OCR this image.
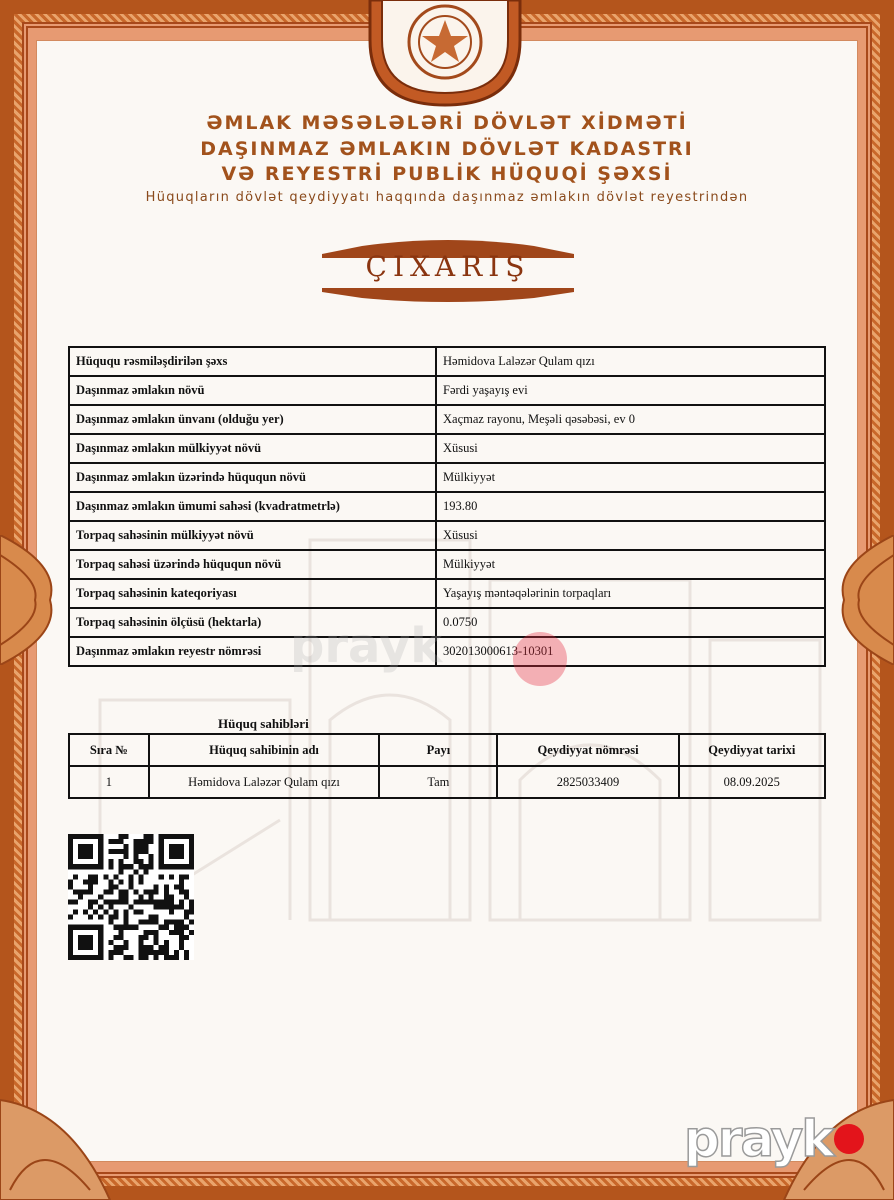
ƏMLAK MƏSƏLƏLƏRİ DÖVLƏT XİDMƏTİ
DAŞINMAZ ƏMLAKIN DÖVLƏT KADASTRI
VƏ REYESTRİ PUBLİK HÜQUQİ ŞƏXSİ
Hüquqların dövlət qeydiyyatı haqqında daşınmaz əmlakın dövlət reyestrindən
ÇIXARIŞ
Hüququ rəsmiləşdirilən şəxs	Həmidova Laləzər Qulam qızı
Daşınmaz əmlakın növü	Fərdi yaşayış evi
Daşınmaz əmlakın ünvanı (olduğu yer)	Xaçmaz rayonu, Meşəli qəsəbəsi, ev 0
Daşınmaz əmlakın mülkiyyət növü	Xüsusi
Daşınmaz əmlakın üzərində hüququn növü	Mülkiyyət
Daşınmaz əmlakın ümumi sahəsi (kvadratmetrlə)	193.80
Torpaq sahəsinin mülkiyyət növü	Xüsusi
Torpaq sahəsi üzərində hüququn növü	Mülkiyyət
Torpaq sahəsinin kateqoriyası	Yaşayış məntəqələrinin torpaqları
Torpaq sahəsinin ölçüsü (hektarla)	0.0750
Daşınmaz əmlakın reyestr nömrəsi	302013000613-10301
Hüquq sahibləri
Sıra №	Hüquq sahibinin adı	Payı	Qeydiyyat nömrəsi	Qeydiyyat tarixi
1	Həmidova Laləzər Qulam qızı	Tam	2825033409	08.09.2025
prayk
prayk
